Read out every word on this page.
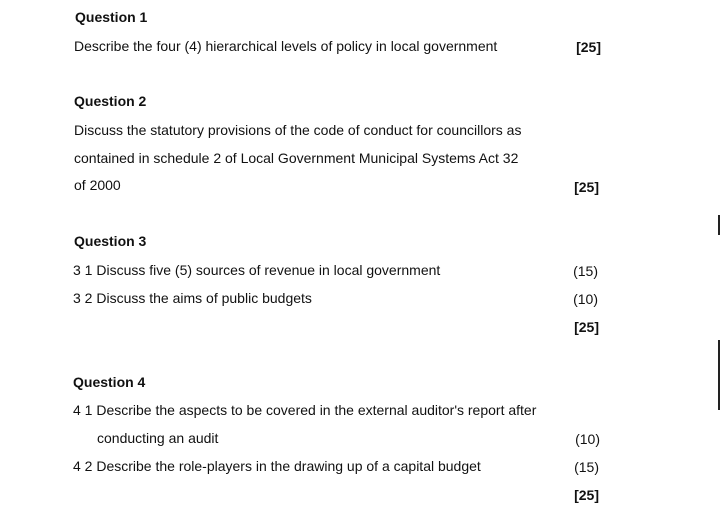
Question 1
Describe the four (4) hierarchical levels of policy in local government	[25]
Question 2
Discuss the statutory provisions of the code of conduct for councillors as
contained in schedule 2 of Local Government Municipal Systems Act 32
of 2000	[25]
Question 3
3 1 Discuss five (5) sources of revenue in local government	(15)
3 2 Discuss the aims of public budgets	(10)
[25]
Question 4
4 1 Describe the aspects to be covered in the external auditor's report after
conducting an audit	(10)
4 2 Describe the role-players in the drawing up of a capital budget	(15)
[25]
